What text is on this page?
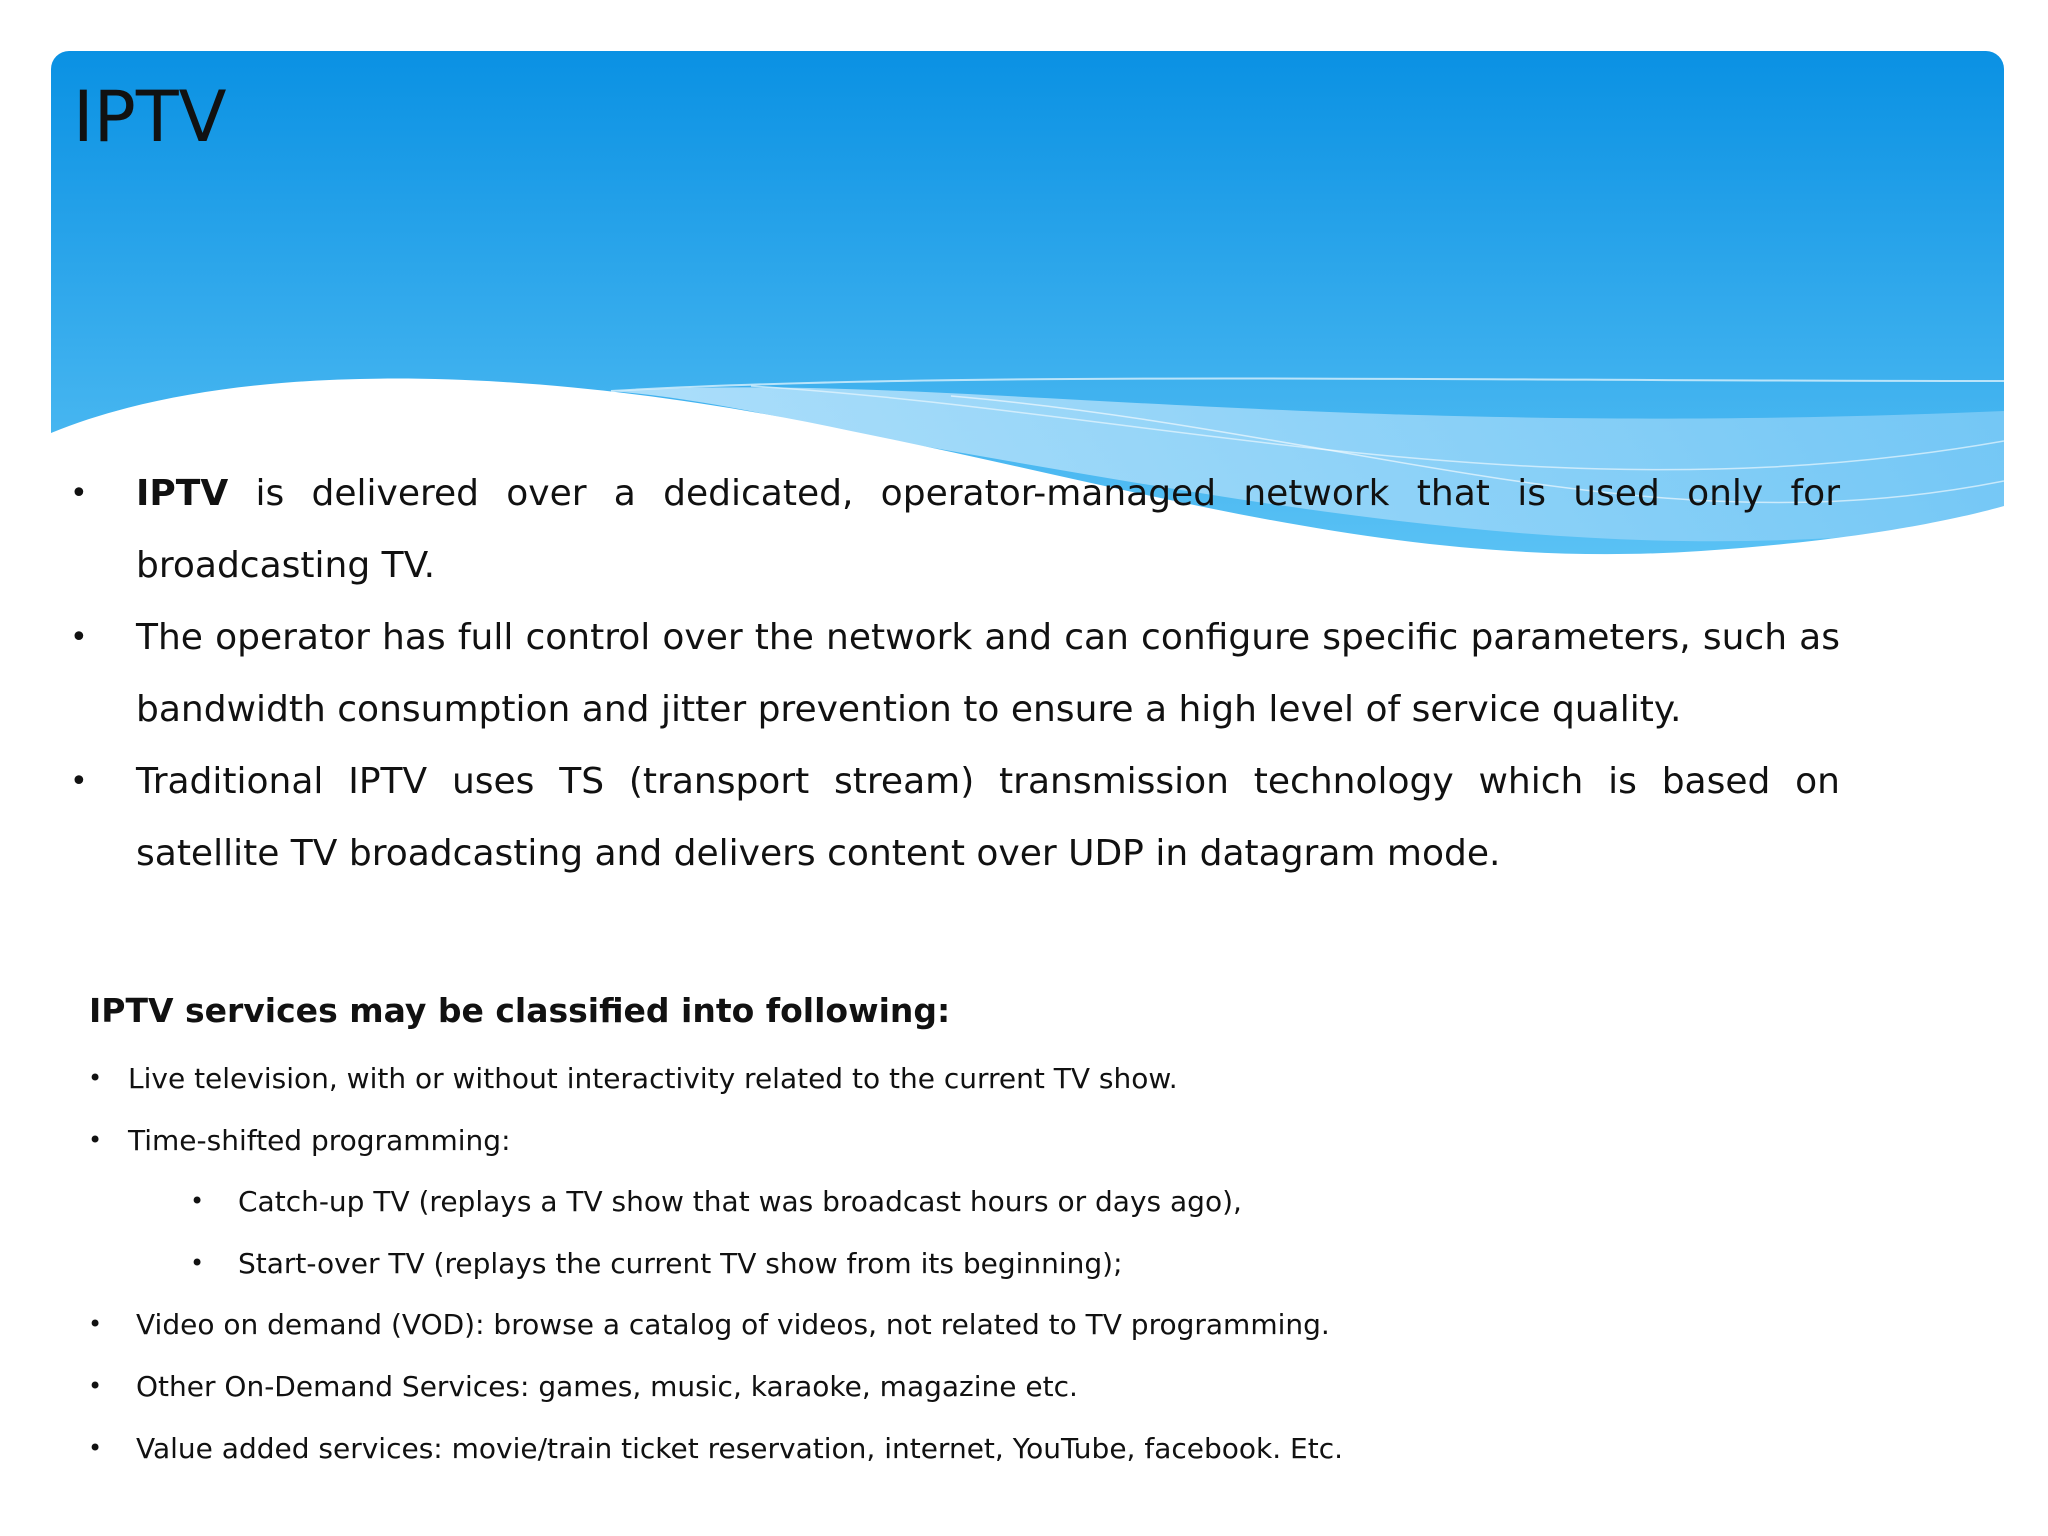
IPTV
• IPTV is delivered over a dedicated, operator-managed network that is used only for broadcasting TV.
• The operator has full control over the network and can configure specific parameters, such as bandwidth consumption and jitter prevention to ensure a high level of service quality.
• Traditional IPTV uses TS (transport stream) transmission technology which is based on satellite TV broadcasting and delivers content over UDP in datagram mode.
IPTV services may be classified into following:
• Live television, with or without interactivity related to the current TV show.
• Time-shifted programming:
• Catch-up TV (replays a TV show that was broadcast hours or days ago),
• Start-over TV (replays the current TV show from its beginning);
• Video on demand (VOD): browse a catalog of videos, not related to TV programming.
• Other On-Demand Services: games, music, karaoke, magazine etc.
• Value added services: movie/train ticket reservation, internet, YouTube, facebook. Etc.
